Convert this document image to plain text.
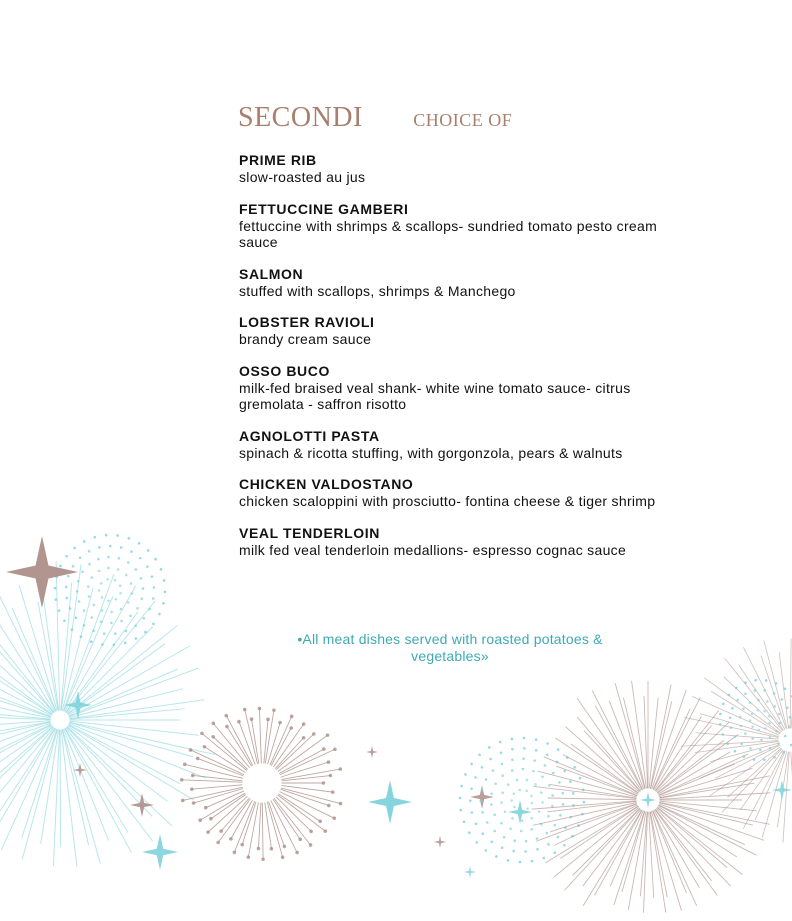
SECONDI	CHOICE OF
PRIME RIB
slow-roasted au jus
FETTUCCINE GAMBERI
fettuccine with shrimps & scallops- sundried tomato pesto cream sauce
SALMON
stuffed with scallops, shrimps & Manchego
LOBSTER RAVIOLI
brandy cream sauce
OSSO BUCO
milk-fed braised veal shank- white wine tomato sauce- citrus gremolata - saffron risotto
AGNOLOTTI PASTA
spinach & ricotta stuffing, with gorgonzola, pears & walnuts
CHICKEN VALDOSTANO
chicken scaloppini with prosciutto- fontina cheese & tiger shrimp
VEAL TENDERLOIN
milk fed veal tenderloin medallions- espresso cognac sauce
•All meat dishes served with roasted potatoes & vegetables»
